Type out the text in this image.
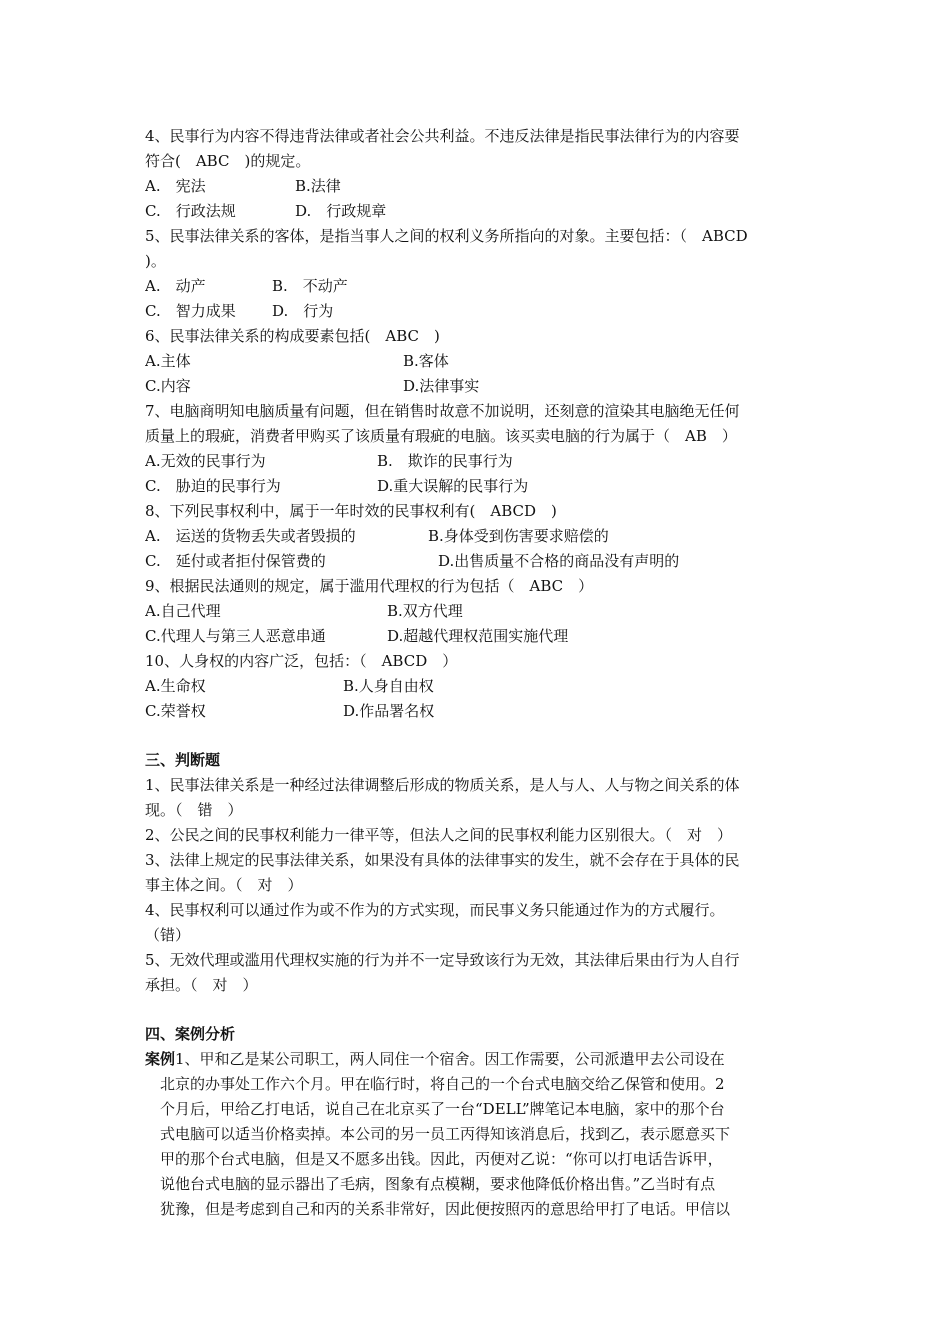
4、民事行为内容不得违背法律或者社会公共利益。不违反法律是指民事法律行为的内容要
符合(　ABC　)的规定。
A.　宪法	B.法律
C.　行政法规	D.　行政规章
5、民事法律关系的客体，是指当事人之间的权利义务所指向的对象。主要包括：（　ABCD
)。
A.　动产	B.　不动产
C.　智力成果 D.　行为
6、民事法律关系的构成要素包括(　ABC　)
A.主体	B.客体
C.内容	D.法律事实
7、电脑商明知电脑质量有问题，但在销售时故意不加说明，还刻意的渲染其电脑绝无任何
质量上的瑕疵，消费者甲购买了该质量有瑕疵的电脑。该买卖电脑的行为属于（　AB　）
A.无效的民事行为	B.　欺诈的民事行为
C.　胁迫的民事行为	D.重大误解的民事行为
8、下列民事权利中，属于一年时效的民事权利有(　ABCD　)
A.　运送的货物丢失或者毁损的	B.身体受到伤害要求赔偿的
C.　延付或者拒付保管费的	D.出售质量不合格的商品没有声明的
9、根据民法通则的规定，属于滥用代理权的行为包括（　ABC　）
A.自己代理	B.双方代理
C.代理人与第三人恶意串通	D.超越代理权范围实施代理
10、人身权的内容广泛，包括：（　ABCD　）
A.生命权	B.人身自由权
C.荣誉权	D.作品署名权
三、判断题
1、民事法律关系是一种经过法律调整后形成的物质关系，是人与人、人与物之间关系的体
现。（　错　）
2、公民之间的民事权利能力一律平等，但法人之间的民事权利能力区别很大。（　对　）
3、法律上规定的民事法律关系，如果没有具体的法律事实的发生，就不会存在于具体的民
事主体之间。（　对　）
4、民事权利可以通过作为或不作为的方式实现，而民事义务只能通过作为的方式履行。
（错）
5、无效代理或滥用代理权实施的行为并不一定导致该行为无效，其法律后果由行为人自行
承担。（　对　）
四、案例分析
案例1、甲和乙是某公司职工，两人同住一个宿舍。因工作需要，公司派遣甲去公司设在
北京的办事处工作六个月。甲在临行时，将自己的一个台式电脑交给乙保管和使用。2
个月后，甲给乙打电话，说自己在北京买了一台“DELL”牌笔记本电脑，家中的那个台
式电脑可以适当价格卖掉。本公司的另一员工丙得知该消息后，找到乙，表示愿意买下
甲的那个台式电脑，但是又不愿多出钱。因此，丙便对乙说：“你可以打电话告诉甲，
说他台式电脑的显示器出了毛病，图象有点模糊，要求他降低价格出售。”乙当时有点
犹豫，但是考虑到自己和丙的关系非常好，因此便按照丙的意思给甲打了电话。甲信以
